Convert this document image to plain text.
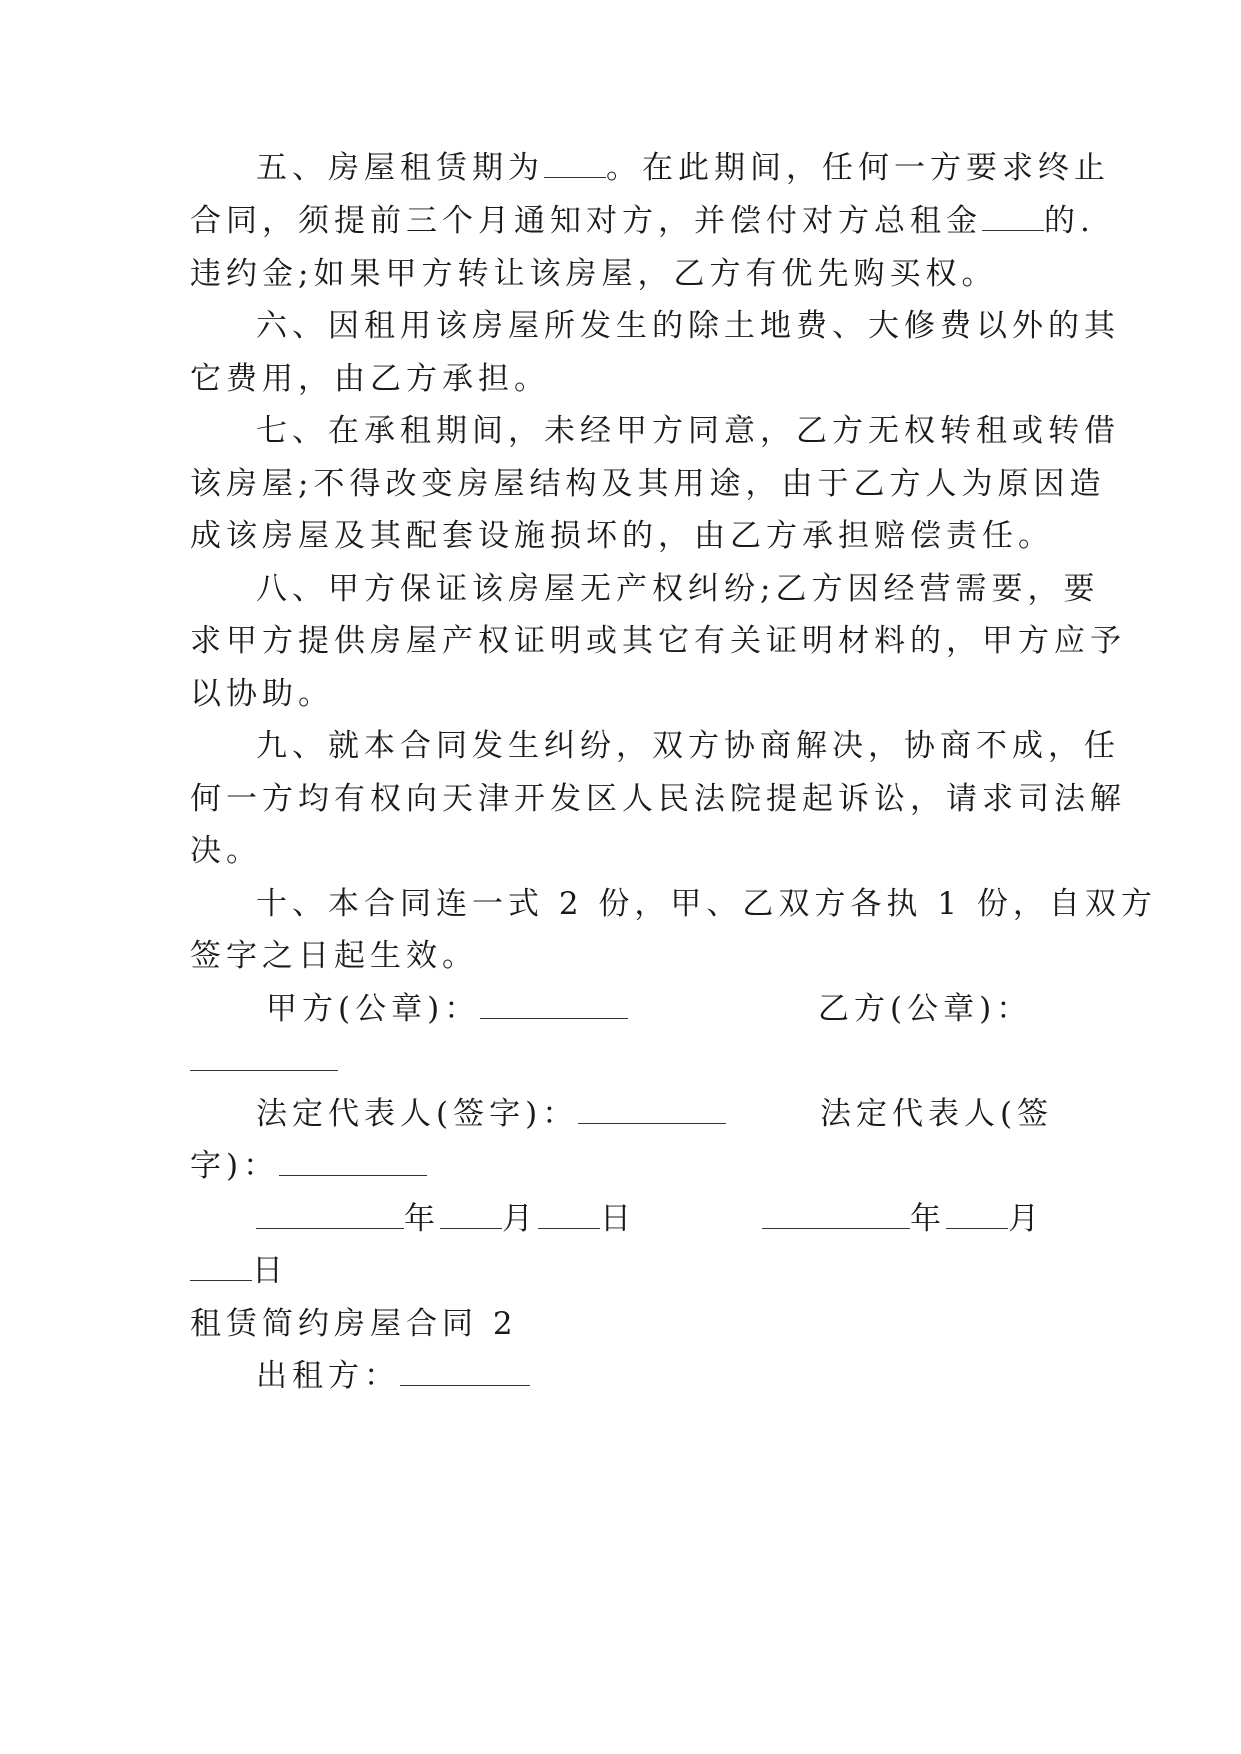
五、房屋租赁期为 。在此期间，任何一方要求终止
合同，须提前三个月通知对方，并偿付对方总租金 的.
违约金;如果甲方转让该房屋，乙方有优先购买权。
六、因租用该房屋所发生的除土地费、大修费以外的其
它费用，由乙方承担。
七、在承租期间，未经甲方同意，乙方无权转租或转借
该房屋;不得改变房屋结构及其用途，由于乙方人为原因造
成该房屋及其配套设施损坏的，由乙方承担赔偿责任。
八、甲方保证该房屋无产权纠纷;乙方因经营需要，要
求甲方提供房屋产权证明或其它有关证明材料的，甲方应予
以协助。
九、就本合同发生纠纷，双方协商解决，协商不成，任
何一方均有权向天津开发区人民法院提起诉讼，请求司法解
决。
十、本合同连一式 2 份，甲、乙双方各执 1 份，自双方
签字之日起生效。
甲方(公章)：	乙方(公章)：
法定代表人(签字)：	法定代表人(签
字)：
年 月 日	年 月
日
租赁简约房屋合同 2
出租方：
